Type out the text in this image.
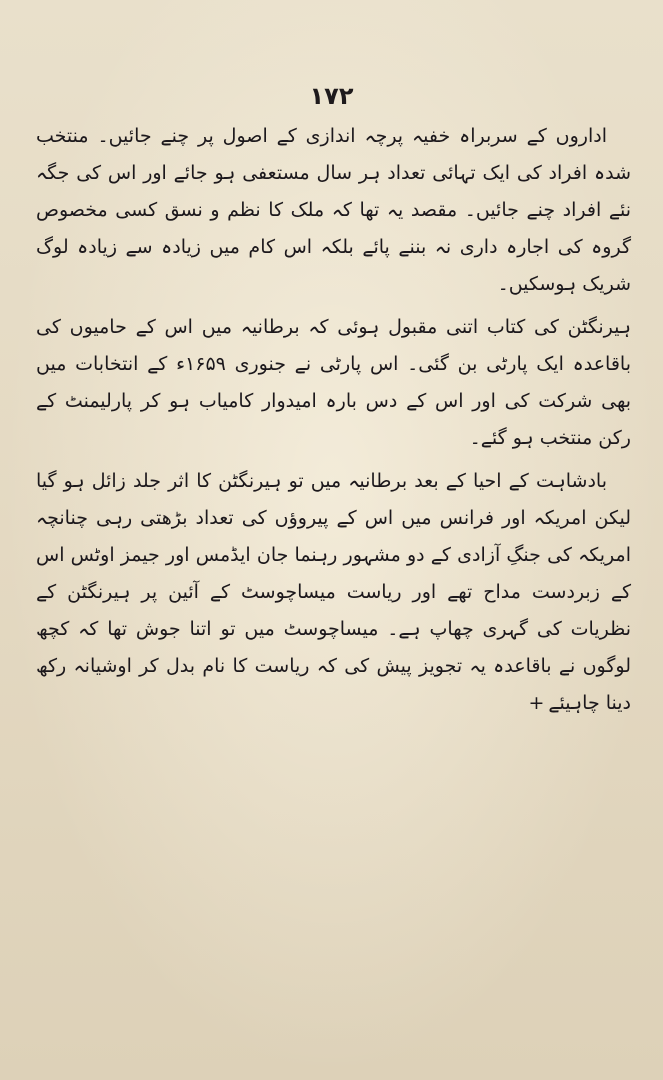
۱۷۲

اداروں کے سربراہ خفیہ پرچہ اندازی کے اصول پر چنے جائیں۔ منتخب شدہ افراد کی ایک تہائی تعداد ہر سال مستعفی ہو جائے اور اس کی جگہ نئے افراد چنے جائیں۔ مقصد یہ تھا کہ ملک کا نظم و نسق کسی مخصوص گروہ کی اجارہ داری نہ بننے پائے بلکہ اس کام میں زیادہ سے زیادہ لوگ شریک ہوسکیں۔

ہیرنگٹن کی کتاب اتنی مقبول ہوئی کہ برطانیہ میں اس کے حامیوں کی باقاعدہ ایک پارٹی بن گئی۔ اس پارٹی نے جنوری ۱۶۵۹ء کے انتخابات میں بھی شرکت کی اور اس کے دس بارہ امیدوار کامیاب ہو کر پارلیمنٹ کے رکن منتخب ہو گئے۔

بادشاہت کے احیا کے بعد برطانیہ میں تو ہیرنگٹن کا اثر جلد زائل ہو گیا لیکن امریکہ اور فرانس میں اس کے پیروؤں کی تعداد بڑھتی رہی چنانچہ امریکہ کی جنگِ آزادی کے دو مشہور رہنما جان ایڈمس اور جیمز اوٹس اس کے زبردست مداح تھے اور ریاست میساچوسٹ کے آئین پر ہیرنگٹن کے نظریات کی گہری چھاپ ہے۔ میساچوسٹ میں تو اتنا جوش تھا کہ کچھ لوگوں نے باقاعدہ یہ تجویز پیش کی کہ ریاست کا نام بدل کر اوشیانہ رکھ دینا چاہیئے+
